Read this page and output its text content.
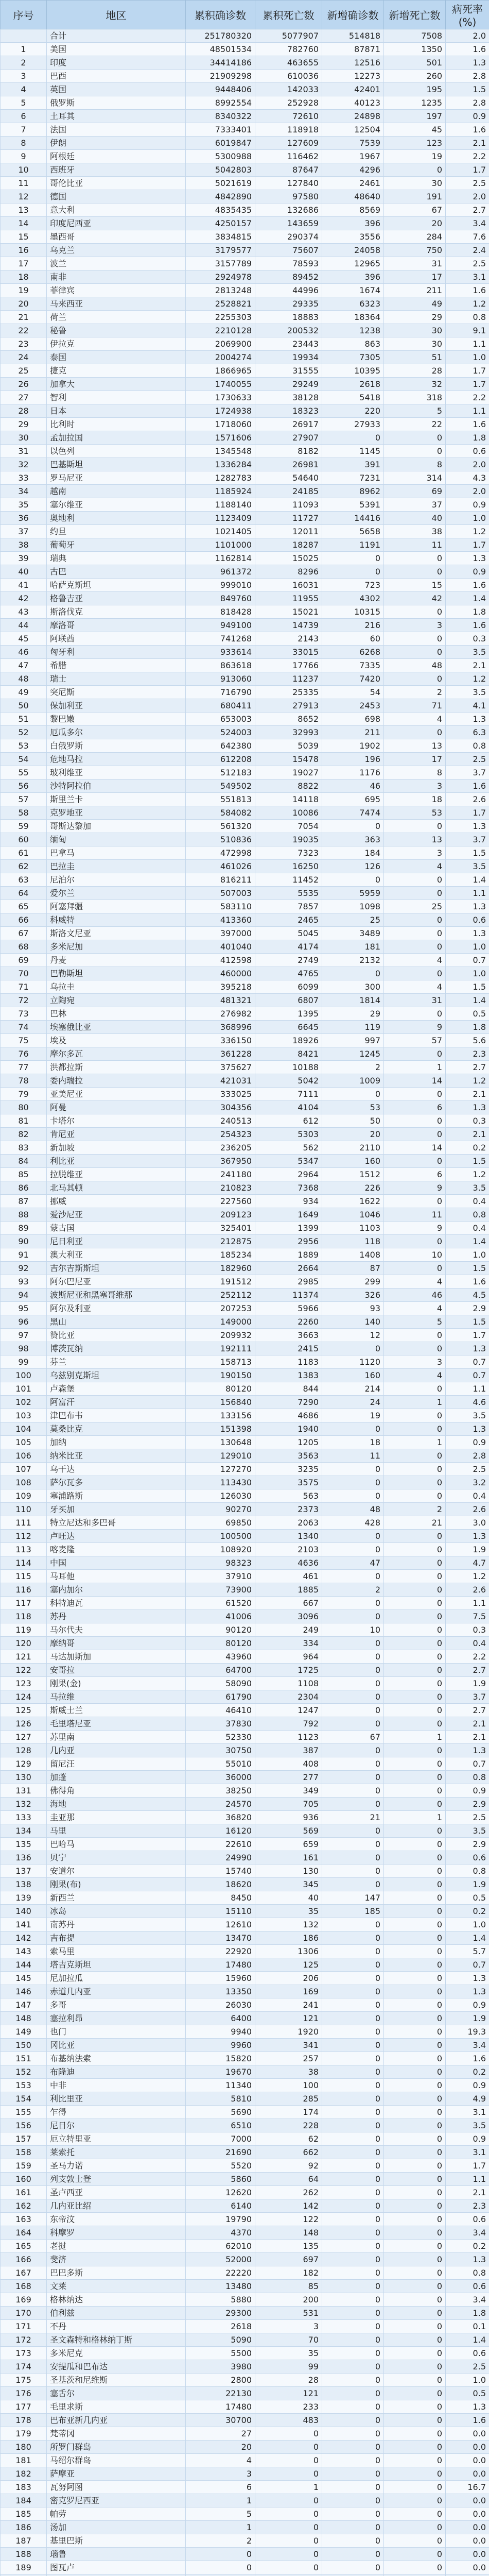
序号	地区	累积确诊数	累积死亡数	新增确诊数	新增死亡数	病死率(%)
	合计	251780320	5077907	514818	7508	2.0
1	美国	48501534	782760	87871	1350	1.6
2	印度	34414186	463655	12516	501	1.3
3	巴西	21909298	610036	12273	260	2.8
4	英国	9448406	142033	42401	195	1.5
5	俄罗斯	8992554	252928	40123	1235	2.8
6	土耳其	8340322	72610	24898	197	0.9
7	法国	7333401	118918	12504	45	1.6
8	伊朗	6019847	127609	7539	123	2.1
9	阿根廷	5300988	116462	1967	19	2.2
10	西班牙	5042803	87647	4296	0	1.7
11	哥伦比亚	5021619	127840	2461	30	2.5
12	德国	4842890	97580	48640	191	2.0
13	意大利	4835435	132686	8569	67	2.7
14	印度尼西亚	4250157	143659	396	20	3.4
15	墨西哥	3834815	290374	3556	284	7.6
16	乌克兰	3179577	75607	24058	750	2.4
17	波兰	3157789	78593	12965	31	2.5
18	南非	2924978	89452	396	17	3.1
19	菲律宾	2813248	44996	1674	211	1.6
20	马来西亚	2528821	29335	6323	49	1.2
21	荷兰	2255303	18883	18364	29	0.8
22	秘鲁	2210128	200532	1238	30	9.1
23	伊拉克	2069900	23443	863	30	1.1
24	泰国	2004274	19934	7305	51	1.0
25	捷克	1866965	31555	10395	28	1.7
26	加拿大	1740055	29249	2618	32	1.7
27	智利	1730633	38128	5418	318	2.2
28	日本	1724938	18323	220	5	1.1
29	比利时	1718060	26917	27933	22	1.6
30	孟加拉国	1571606	27907	0	0	1.8
31	以色列	1345548	8182	1145	0	0.6
32	巴基斯坦	1336284	26981	391	8	2.0
33	罗马尼亚	1282783	54640	7231	314	4.3
34	越南	1185924	24185	8962	69	2.0
35	塞尔维亚	1188140	11093	5391	37	0.9
36	奥地利	1123409	11727	14416	40	1.0
37	约旦	1021405	12011	5658	38	1.2
38	葡萄牙	1101000	18287	1191	11	1.7
39	瑞典	1162814	15025	0	0	1.3
40	古巴	961372	8296	0	0	0.9
41	哈萨克斯坦	999010	16031	723	15	1.6
42	格鲁吉亚	849760	11955	4302	42	1.4
43	斯洛伐克	818428	15021	10315	0	1.8
44	摩洛哥	949100	14739	216	3	1.6
45	阿联酋	741268	2143	60	0	0.3
46	匈牙利	933614	33015	6268	0	3.5
47	希腊	863618	17766	7335	48	2.1
48	瑞士	913060	11237	7420	0	1.2
49	突尼斯	716790	25335	54	2	3.5
50	保加利亚	680411	27913	2453	71	4.1
51	黎巴嫩	653003	8652	698	4	1.3
52	厄瓜多尔	524003	32993	211	0	6.3
53	白俄罗斯	642380	5039	1902	13	0.8
54	危地马拉	612208	15478	196	17	2.5
55	玻利维亚	512183	19027	1176	8	3.7
56	沙特阿拉伯	549502	8822	46	3	1.6
57	斯里兰卡	551813	14118	695	18	2.6
58	克罗地亚	584082	10086	7474	53	1.7
59	哥斯达黎加	561320	7054	0	0	1.3
60	缅甸	510836	19035	363	13	3.7
61	巴拿马	472998	7323	184	3	1.5
62	巴拉圭	461026	16250	126	4	3.5
63	尼泊尔	816211	11452	0	0	1.4
64	爱尔兰	507003	5535	5959	0	1.1
65	阿塞拜疆	583110	7857	1098	25	1.3
66	科威特	413360	2465	25	0	0.6
67	斯洛文尼亚	397000	5045	3489	0	1.3
68	多米尼加	401040	4174	181	0	1.0
69	丹麦	412598	2749	2132	4	0.7
70	巴勒斯坦	460000	4765	0	0	1.0
71	乌拉圭	395218	6099	300	4	1.5
72	立陶宛	481321	6807	1814	31	1.4
73	巴林	276982	1395	29	0	0.5
74	埃塞俄比亚	368996	6645	119	9	1.8
75	埃及	336150	18926	997	57	5.6
76	摩尔多瓦	361228	8421	1245	0	2.3
77	洪都拉斯	375627	10188	2	1	2.7
78	委内瑞拉	421031	5042	1009	14	1.2
79	亚美尼亚	333025	7111	0	0	2.1
80	阿曼	304356	4104	53	6	1.3
81	卡塔尔	240513	612	50	0	0.3
82	肯尼亚	254323	5303	20	0	2.1
83	新加坡	236205	562	2110	14	0.2
84	利比亚	367950	5347	160	0	1.5
85	拉脱维亚	241180	2964	1512	6	1.2
86	北马其顿	210823	7368	226	9	3.5
87	挪威	227560	934	1622	0	0.4
88	爱沙尼亚	209123	1649	1046	11	0.8
89	蒙古国	325401	1399	1103	9	0.4
90	尼日利亚	212875	2956	118	0	1.4
91	澳大利亚	185234	1889	1408	10	1.0
92	吉尔吉斯斯坦	182960	2664	87	0	1.5
93	阿尔巴尼亚	191512	2985	299	4	1.6
94	波斯尼亚和黑塞哥维那	252112	11374	326	46	4.5
95	阿尔及利亚	207253	5966	93	4	2.9
96	黑山	149000	2260	140	5	1.5
97	赞比亚	209932	3663	12	0	1.7
98	博茨瓦纳	192111	2415	0	0	1.3
99	芬兰	158713	1183	1120	3	0.7
100	乌兹别克斯坦	190150	1383	160	4	0.7
101	卢森堡	80120	844	214	0	1.1
102	阿富汗	156840	7290	24	1	4.6
103	津巴布韦	133156	4686	19	0	3.5
104	莫桑比克	151398	1940	0	0	1.3
105	加纳	130648	1205	18	1	0.9
106	纳米比亚	129010	3563	11	0	2.8
107	乌干达	127270	3235	0	0	2.5
108	萨尔瓦多	113430	3575	0	0	3.2
109	塞浦路斯	126030	563	0	0	0.4
110	牙买加	90270	2373	48	2	2.6
111	特立尼达和多巴哥	69850	2063	428	21	3.0
112	卢旺达	100500	1340	0	0	1.3
113	喀麦隆	108920	2103	0	0	1.9
114	中国	98323	4636	47	0	4.7
115	马耳他	37910	461	0	0	1.2
116	塞内加尔	73900	1885	2	0	2.6
117	科特迪瓦	61520	667	0	0	1.1
118	苏丹	41006	3096	0	0	7.5
119	马尔代夫	90120	249	10	0	0.3
120	摩纳哥	80120	334	0	0	0.4
121	马达加斯加	43960	964	0	0	2.2
122	安哥拉	64700	1725	0	0	2.7
123	刚果(金)	58090	1108	0	0	1.9
124	马拉维	61790	2304	0	0	3.7
125	斯威士兰	46410	1247	0	0	2.7
126	毛里塔尼亚	37830	792	0	0	2.1
127	苏里南	52330	1123	67	1	2.1
128	几内亚	30750	387	0	0	1.3
129	留尼汪	55010	408	0	0	0.7
130	加蓬	36000	277	0	0	0.8
131	佛得角	38250	349	0	0	0.9
132	海地	24570	705	0	0	2.9
133	圭亚那	36820	936	21	1	2.5
134	马里	16120	569	0	0	3.5
135	巴哈马	22610	659	0	0	2.9
136	贝宁	24990	161	0	0	0.6
137	安道尔	15740	130	0	0	0.8
138	刚果(布)	18620	345	0	0	1.9
139	新西兰	8450	40	147	0	0.5
140	冰岛	15110	35	185	0	0.2
141	南苏丹	12610	132	0	0	1.0
142	吉布提	13470	186	0	0	1.4
143	索马里	22920	1306	0	0	5.7
144	塔吉克斯坦	17480	125	0	0	0.7
145	尼加拉瓜	15960	206	0	0	1.3
146	赤道几内亚	13350	169	0	0	1.3
147	多哥	26030	241	0	0	0.9
148	塞拉利昂	6400	121	0	0	1.9
149	也门	9940	1920	0	0	19.3
150	冈比亚	9960	341	0	0	3.4
151	布基纳法索	15820	257	0	0	1.6
152	布隆迪	19670	38	0	0	0.2
153	中非	11340	100	0	0	0.9
154	利比里亚	5810	285	0	0	4.9
155	乍得	5690	174	0	0	3.1
156	尼日尔	6510	228	0	0	3.5
157	厄立特里亚	7000	62	0	0	0.9
158	莱索托	21690	662	0	0	3.1
159	圣马力诺	5520	92	0	0	1.7
160	列支敦士登	5860	64	0	0	1.1
161	圣卢西亚	12620	262	0	0	2.1
162	几内亚比绍	6140	142	0	0	2.3
163	东帝汶	19790	122	0	0	0.6
164	科摩罗	4370	148	0	0	3.4
165	老挝	62010	135	0	0	0.2
166	斐济	52000	697	0	0	1.3
167	巴巴多斯	22220	182	0	0	0.8
168	文莱	13480	85	0	0	0.6
169	格林纳达	5880	200	0	0	3.4
170	伯利兹	29300	531	0	0	1.8
171	不丹	2618	3	0	0	0.1
172	圣文森特和格林纳丁斯	5090	70	0	0	1.4
173	多米尼克	5500	35	0	0	0.6
174	安提瓜和巴布达	3980	99	0	0	2.5
175	圣基茨和尼维斯	2800	28	0	0	1.0
176	塞舌尔	22130	121	0	0	0.5
177	毛里求斯	17480	233	0	0	1.3
178	巴布亚新几内亚	30700	483	0	0	1.6
179	梵蒂冈	27	0	0	0	0.0
180	所罗门群岛	20	0	0	0	0.0
181	马绍尔群岛	4	0	0	0	0.0
182	萨摩亚	3	0	0	0	0.0
183	瓦努阿图	6	1	0	0	16.7
184	密克罗尼西亚	1	0	0	0	0.0
185	帕劳	5	0	0	0	0.0
186	汤加	1	0	0	0	0.0
187	基里巴斯	2	0	0	0	0.0
188	瑙鲁	0	0	0	0	0.0
189	图瓦卢	0	0	0	0	0.0
